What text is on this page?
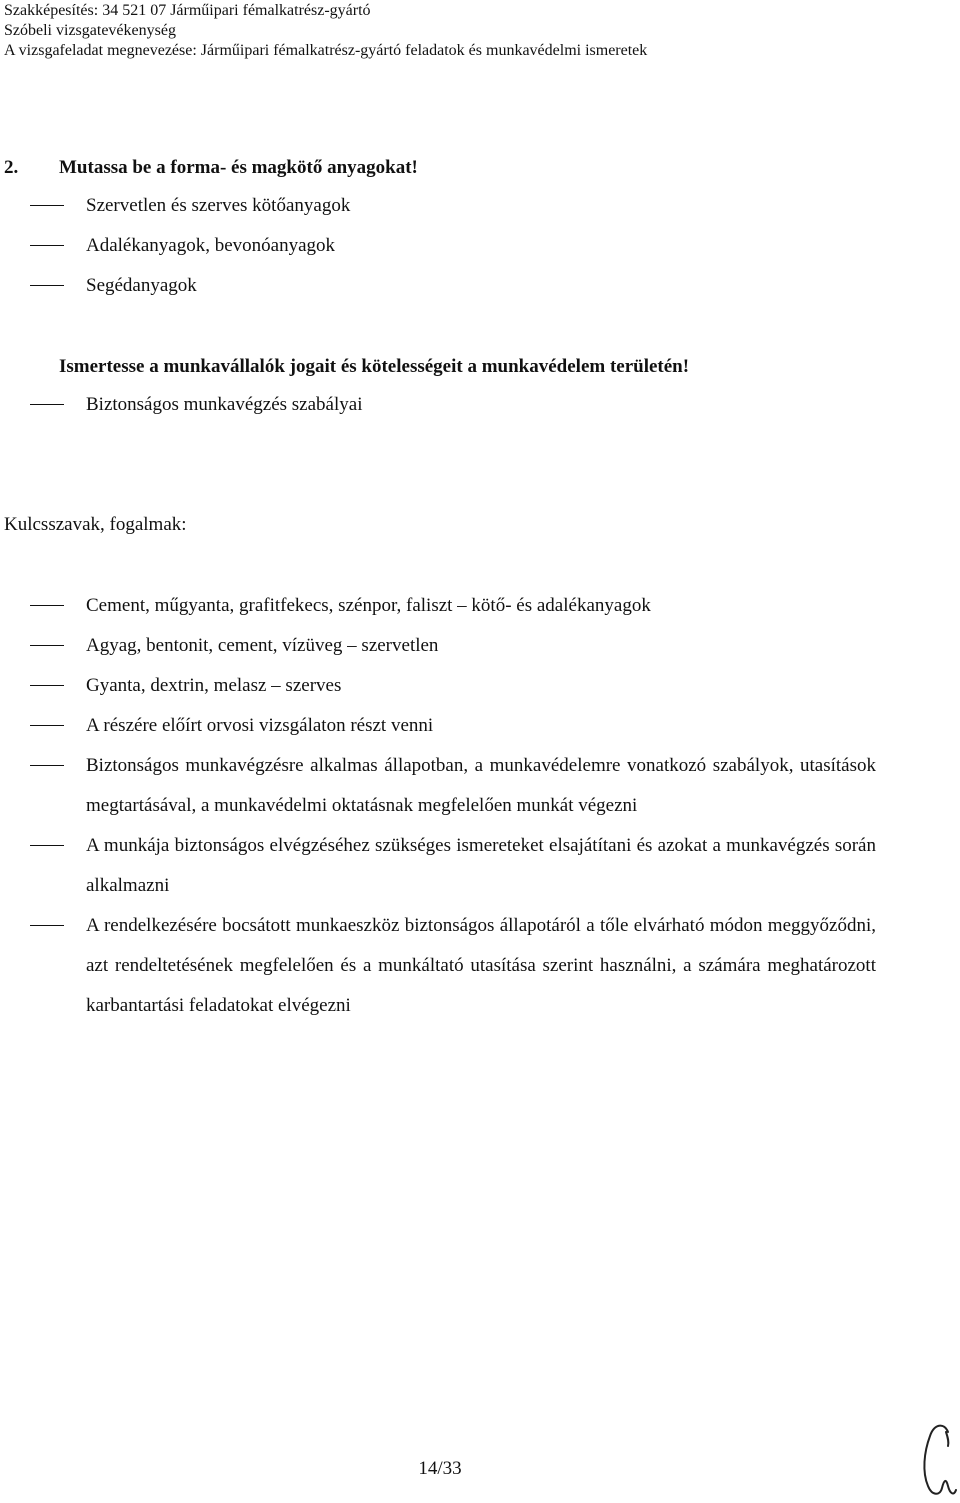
Szakképesítés: 34 521 07 Járműipari fémalkatrész-gyártó
Szóbeli vizsgatevékenység
A vizsgafeladat megnevezése: Járműipari fémalkatrész-gyártó feladatok és munkavédelmi ismeretek
2. Mutassa be a forma- és magkötő anyagokat!
Szervetlen és szerves kötőanyagok
Adalékanyagok, bevonóanyagok
Segédanyagok
Ismertesse a munkavállalók jogait és kötelességeit a munkavédelem területén!
Biztonságos munkavégzés szabályai
Kulcsszavak, fogalmak:
Cement, műgyanta, grafitfekecs, szénpor, faliszt – kötő- és adalékanyagok
Agyag, bentonit, cement, vízüveg – szervetlen
Gyanta, dextrin, melasz – szerves
A részére előírt orvosi vizsgálaton részt venni
Biztonságos munkavégzésre alkalmas állapotban, a munkavédelemre vonatkozó szabályok, utasítások megtartásával, a munkavédelmi oktatásnak megfelelően munkát végezni
A munkája biztonságos elvégzéséhez szükséges ismereteket elsajátítani és azokat a munkavégzés során alkalmazni
A rendelkezésére bocsátott munkaeszköz biztonságos állapotáról a tőle elvárható módon meggyőződni, azt rendeltetésének megfelelően és a munkáltató utasítása szerint használni, a számára meghatározott karbantartási feladatokat elvégezni
14/33
